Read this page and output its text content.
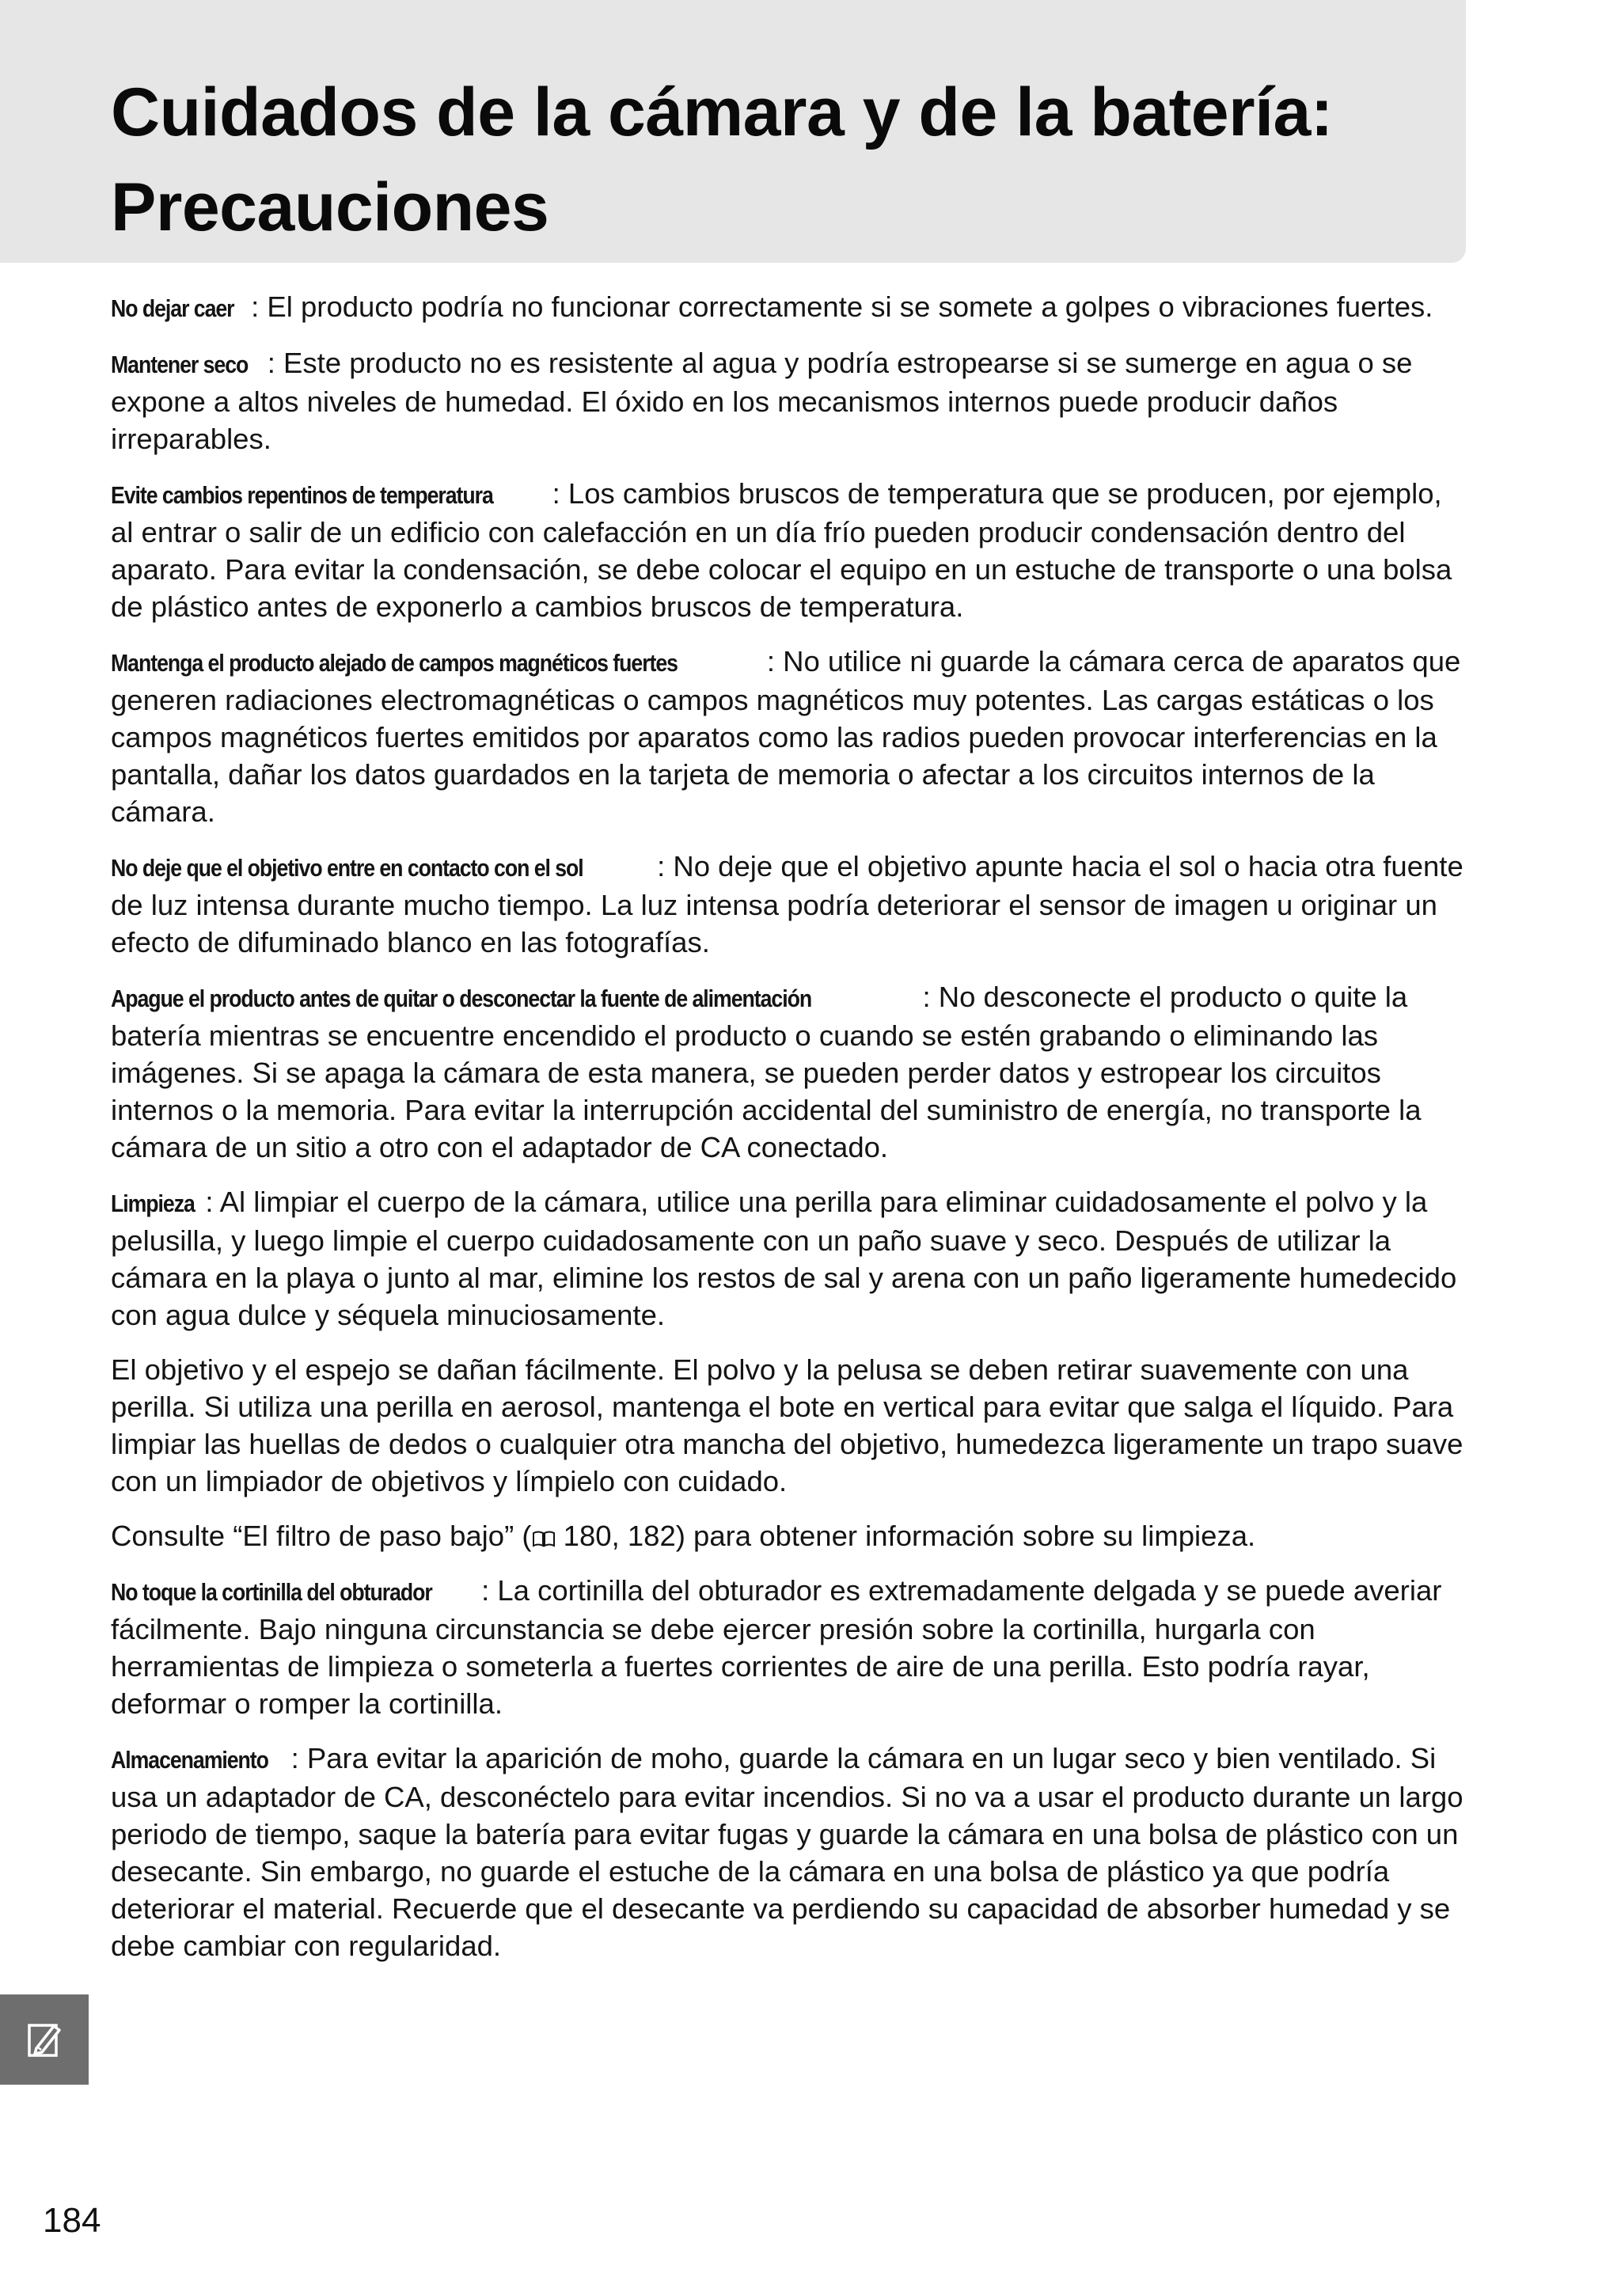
Cuidados de la cámara y de la batería:
Precauciones

No dejar caer : El producto podría no funcionar correctamente si se somete a golpes o vibraciones fuertes.

Mantener seco : Este producto no es resistente al agua y podría estropearse si se sumerge en agua o se expone a altos niveles de humedad. El óxido en los mecanismos internos puede producir daños irreparables.

Evite cambios repentinos de temperatura : Los cambios bruscos de temperatura que se producen, por ejemplo, al entrar o salir de un edificio con calefacción en un día frío pueden producir condensación dentro del aparato. Para evitar la condensación, se debe colocar el equipo en un estuche de transporte o una bolsa de plástico antes de exponerlo a cambios bruscos de temperatura.

Mantenga el producto alejado de campos magnéticos fuertes	: No utilice ni guarde la cámara cerca de aparatos que generen radiaciones electromagnéticas o campos magnéticos muy potentes. Las cargas estáticas o los campos magnéticos fuertes emitidos por aparatos como las radios pueden provocar interferencias en la pantalla, dañar los datos guardados en la tarjeta de memoria o afectar a los circuitos internos de la cámara.

No deje que el objetivo entre en contacto con el sol	: No deje que el objetivo apunte hacia el sol o hacia otra fuente de luz intensa durante mucho tiempo. La luz intensa podría deteriorar el sensor de imagen u originar un efecto de difuminado blanco en las fotografías.

Apague el producto antes de quitar o desconectar la fuente de alimentación	: No desconecte el producto o quite la batería mientras se encuentre encendido el producto o cuando se estén grabando o eliminando las imágenes. Si se apaga la cámara de esta manera, se pueden perder datos y estropear los circuitos internos o la memoria. Para evitar la interrupción accidental del suministro de energía, no transporte la cámara de un sitio a otro con el adaptador de CA conectado.

Limpieza : Al limpiar el cuerpo de la cámara, utilice una perilla para eliminar cuidadosamente el polvo y la pelusilla, y luego limpie el cuerpo cuidadosamente con un paño suave y seco. Después de utilizar la cámara en la playa o junto al mar, elimine los restos de sal y arena con un paño ligeramente humedecido con agua dulce y séquela minuciosamente.

El objetivo y el espejo se dañan fácilmente. El polvo y la pelusa se deben retirar suavemente con una perilla. Si utiliza una perilla en aerosol, mantenga el bote en vertical para evitar que salga el líquido. Para limpiar las huellas de dedos o cualquier otra mancha del objetivo, humedezca ligeramente un trapo suave con un limpiador de objetivos y límpielo con cuidado.

Consulte “El filtro de paso bajo” ( 180, 182) para obtener información sobre su limpieza.

No toque la cortinilla del obturador : La cortinilla del obturador es extremadamente delgada y se puede averiar fácilmente. Bajo ninguna circunstancia se debe ejercer presión sobre la cortinilla, hurgarla con herramientas de limpieza o someterla a fuertes corrientes de aire de una perilla. Esto podría rayar, deformar o romper la cortinilla.

Almacenamiento : Para evitar la aparición de moho, guarde la cámara en un lugar seco y bien ventilado. Si usa un adaptador de CA, desconéctelo para evitar incendios. Si no va a usar el producto durante un largo periodo de tiempo, saque la batería para evitar fugas y guarde la cámara en una bolsa de plástico con un desecante. Sin embargo, no guarde el estuche de la cámara en una bolsa de plástico ya que podría deteriorar el material. Recuerde que el desecante va perdiendo su capacidad de absorber humedad y se debe cambiar con regularidad.

184
